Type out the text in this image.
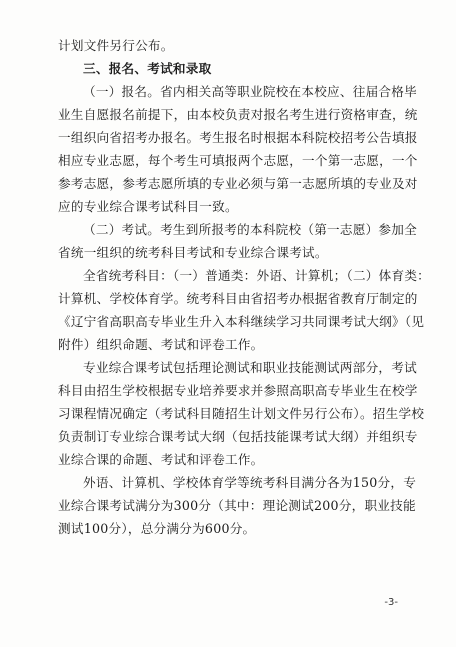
计划文件另行公布。
三、报名、考试和录取
（一）报名。省内相关高等职业院校在本校应、往届合格毕
业生自愿报名前提下，由本校负责对报名考生进行资格审查，统
一组织向省招考办报名。考生报名时根据本科院校招考公告填报
相应专业志愿，每个考生可填报两个志愿，一个第一志愿，一个
参考志愿，参考志愿所填的专业必须与第一志愿所填的专业及对
应的专业综合课考试科目一致。
（二）考试。考生到所报考的本科院校（第一志愿）参加全
省统一组织的统考科目考试和专业综合课考试。
全省统考科目：（一）普通类：外语、计算机；（二）体育类：
计算机、学校体育学。统考科目由省招考办根据省教育厅制定的
《辽宁省高职高专毕业生升入本科继续学习共同课考试大纲》（见
附件）组织命题、考试和评卷工作。
专业综合课考试包括理论测试和职业技能测试两部分，考试
科目由招生学校根据专业培养要求并参照高职高专毕业生在校学
习课程情况确定（考试科目随招生计划文件另行公布）。招生学校
负责制订专业综合课考试大纲（包括技能课考试大纲）并组织专
业综合课的命题、考试和评卷工作。
外语、计算机、学校体育学等统考科目满分各为150分，专
业综合课考试满分为300分（其中：理论测试200分，职业技能
测试100分），总分满分为600分。
-3-
